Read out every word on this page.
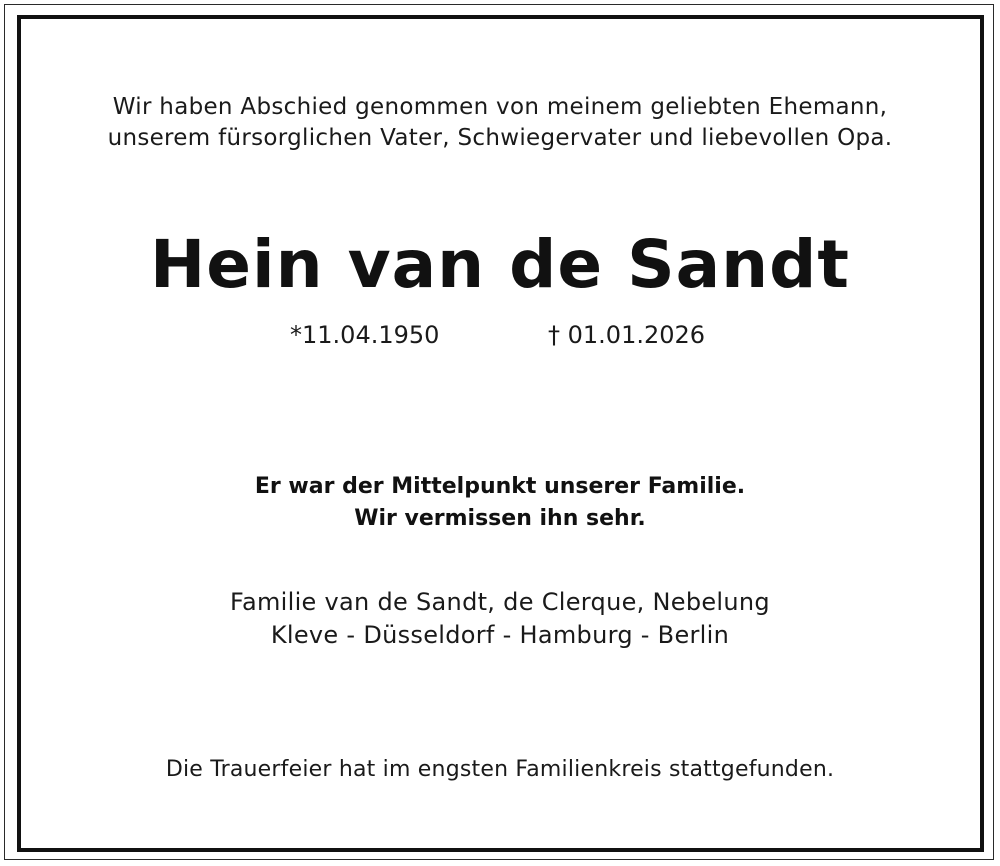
Wir haben Abschied genommen von meinem geliebten Ehemann,
unserem fürsorglichen Vater, Schwiegervater und liebevollen Opa.
Hein van de Sandt
*11.04.1950	† 01.01.2026
Er war der Mittelpunkt unserer Familie.
Wir vermissen ihn sehr.
Familie van de Sandt, de Clerque, Nebelung
Kleve - Düsseldorf - Hamburg - Berlin
Die Trauerfeier hat im engsten Familienkreis stattgefunden.
